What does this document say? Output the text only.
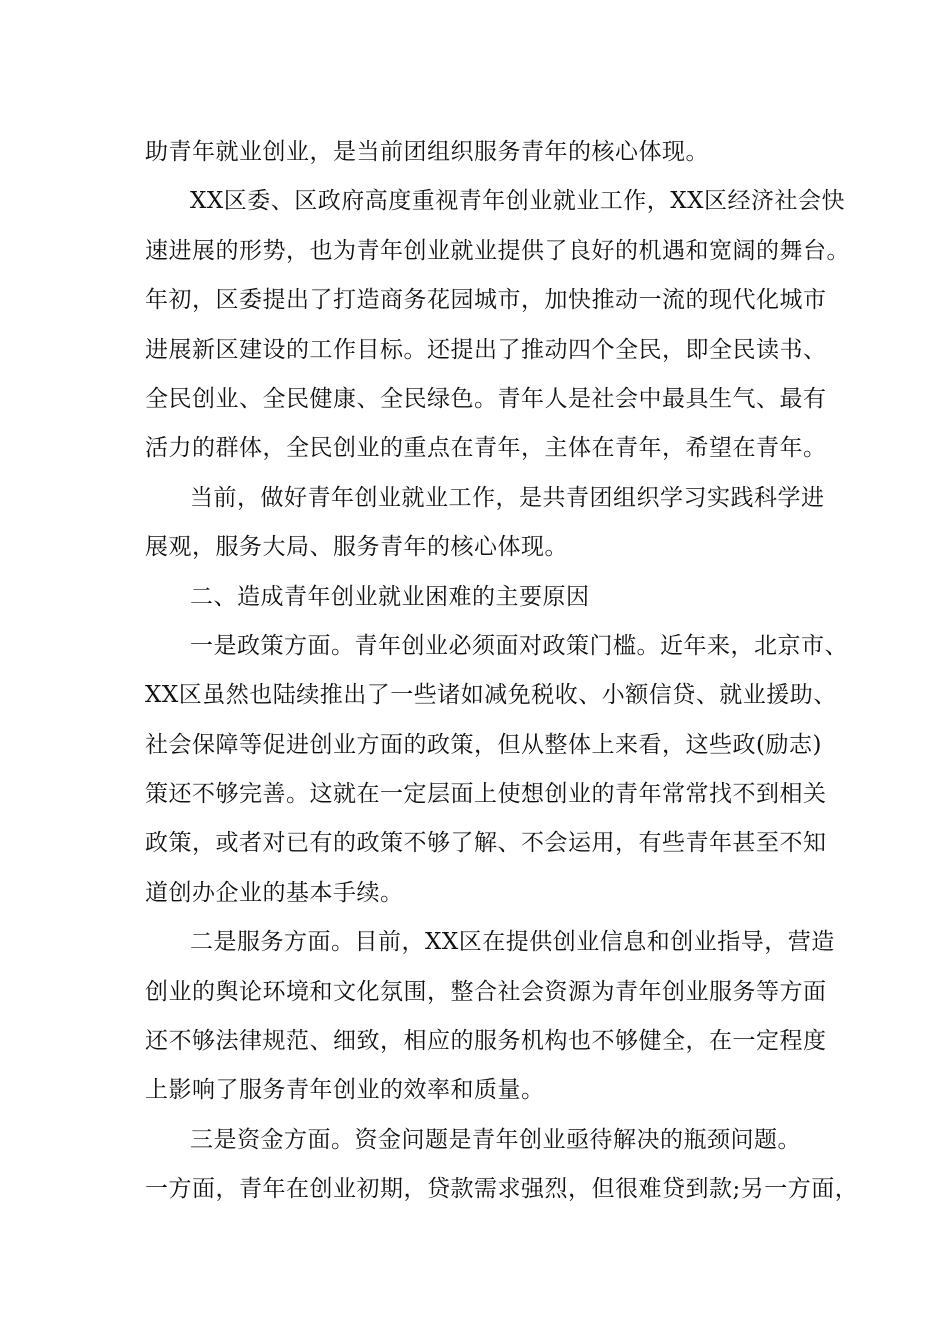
助青年就业创业，是当前团组织服务青年的核心体现。
XX区委、区政府高度重视青年创业就业工作，XX区经济社会快
速进展的形势，也为青年创业就业提供了良好的机遇和宽阔的舞台。
年初，区委提出了打造商务花园城市，加快推动一流的现代化城市
进展新区建设的工作目标。还提出了推动四个全民，即全民读书、
全民创业、全民健康、全民绿色。青年人是社会中最具生气、最有
活力的群体，全民创业的重点在青年，主体在青年，希望在青年。
当前，做好青年创业就业工作，是共青团组织学习实践科学进
展观，服务大局、服务青年的核心体现。
二、造成青年创业就业困难的主要原因
一是政策方面。青年创业必须面对政策门槛。近年来，北京市、
XX区虽然也陆续推出了一些诸如减免税收、小额信贷、就业援助、
社会保障等促进创业方面的政策，但从整体上来看，这些政(励志)
策还不够完善。这就在一定层面上使想创业的青年常常找不到相关
政策，或者对已有的政策不够了解、不会运用，有些青年甚至不知
道创办企业的基本手续。
二是服务方面。目前，XX区在提供创业信息和创业指导，营造
创业的舆论环境和文化氛围，整合社会资源为青年创业服务等方面
还不够法律规范、细致，相应的服务机构也不够健全，在一定程度
上影响了服务青年创业的效率和质量。
三是资金方面。资金问题是青年创业亟待解决的瓶颈问题。
一方面，青年在创业初期，贷款需求强烈，但很难贷到款;另一方面，
